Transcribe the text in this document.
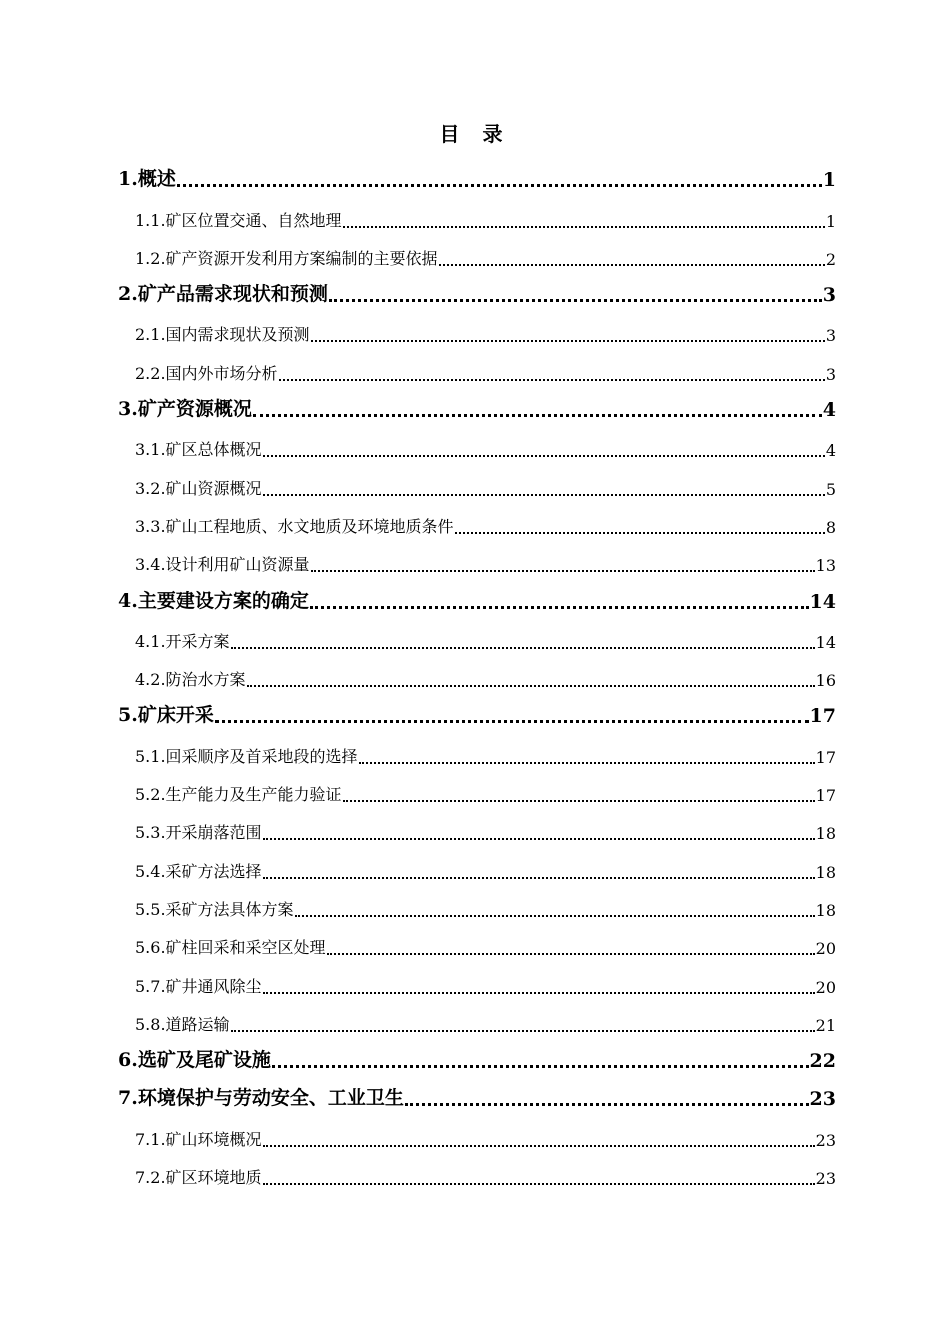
目 录
1.概述	1
1.1.矿区位置交通、自然地理	1
1.2.矿产资源开发利用方案编制的主要依据	2
2.矿产品需求现状和预测	3
2.1.国内需求现状及预测	3
2.2.国内外市场分析	3
3.矿产资源概况	4
3.1.矿区总体概况	4
3.2.矿山资源概况	5
3.3.矿山工程地质、水文地质及环境地质条件	8
3.4.设计利用矿山资源量	13
4.主要建设方案的确定	14
4.1.开采方案	14
4.2.防治水方案	16
5.矿床开采	17
5.1.回采顺序及首采地段的选择	17
5.2.生产能力及生产能力验证	17
5.3.开采崩落范围	18
5.4.采矿方法选择	18
5.5.采矿方法具体方案	18
5.6.矿柱回采和采空区处理	20
5.7.矿井通风除尘	20
5.8.道路运输	21
6.选矿及尾矿设施	22
7.环境保护与劳动安全、工业卫生	23
7.1.矿山环境概况	23
7.2.矿区环境地质	23
